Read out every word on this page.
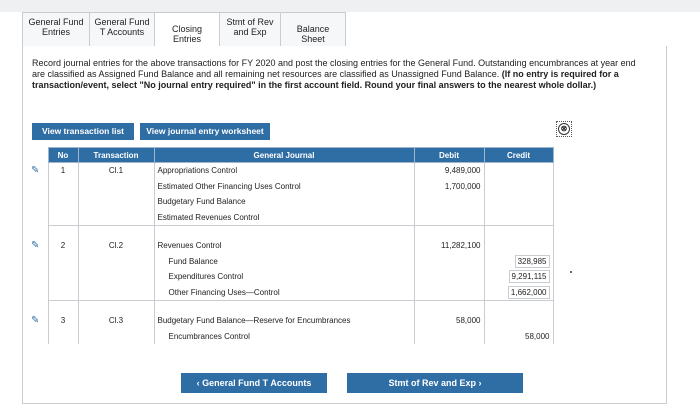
General Fund
Entries
General Fund
T Accounts	Closing Entries
Stmt of Rev
and Exp	Balance Sheet
Record journal entries for the above transactions for FY 2020 and post the closing entries for the General Fund. Outstanding encumbrances at year end are classified as Assigned Fund Balance and all remaining net resources are classified as Unassigned Fund Balance. (If no entry is required for a transaction/event, select "No journal entry required" in the first account field. Round your final answers to the nearest whole dollar.)
View transaction list	View journal entry worksheet	⊗
	No	Transaction	General Journal	Debit	Credit
✎	1	Cl.1	Appropriations Control	9,489,000	
			Estimated Other Financing Uses Control	1,700,000	
			Budgetary Fund Balance		
			Estimated Revenues Control		

✎	2	Cl.2	Revenues Control	11,282,100	
			Fund Balance		328,985
			Expenditures Control		9,291,115
			Other Financing Uses—Control		1,662,000

✎	3	Cl.3	Budgetary Fund Balance—Reserve for Encumbrances	58,000	
			Encumbrances Control		58,000
‹ General Fund T Accounts	Stmt of Rev and Exp ›
